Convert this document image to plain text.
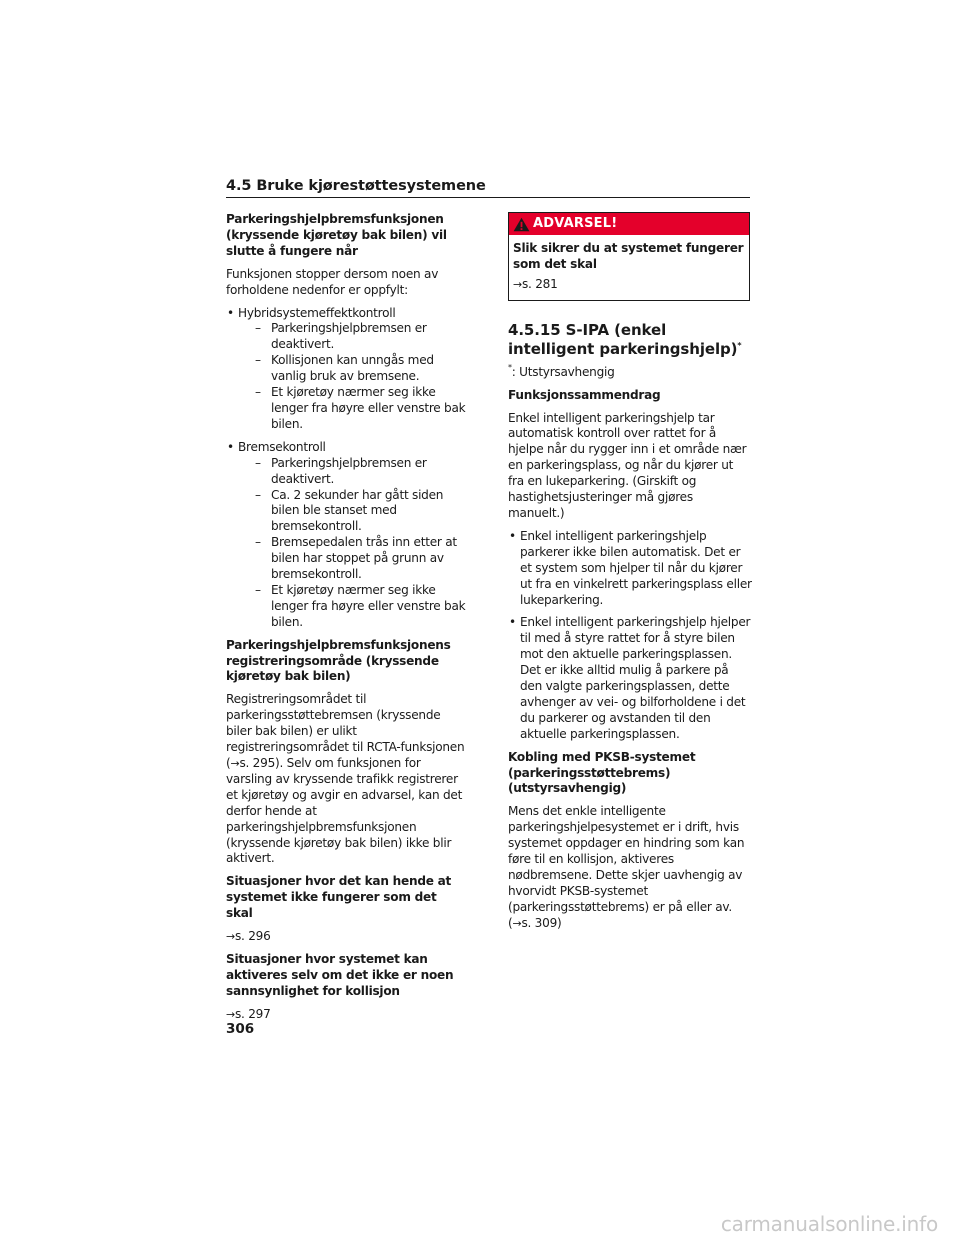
4.5 Bruke kjørestøttesystemene

Parkeringshjelpbremsfunksjonen (kryssende kjøretøy bak bilen) vil slutte å fungere når

Funksjonen stopper dersom noen av forholdene nedenfor er oppfylt:

• Hybridsystemeffektkontroll
– Parkeringshjelpbremsen er deaktivert.
– Kollisjonen kan unngås med vanlig bruk av bremsene.
– Et kjøretøy nærmer seg ikke lenger fra høyre eller venstre bak bilen.
• Bremsekontroll
– Parkeringshjelpbremsen er deaktivert.
– Ca. 2 sekunder har gått siden bilen ble stanset med bremsekontroll.
– Bremsepedalen trås inn etter at bilen har stoppet på grunn av bremsekontroll.
– Et kjøretøy nærmer seg ikke lenger fra høyre eller venstre bak bilen.

Parkeringshjelpbremsfunksjonens registreringsområde (kryssende kjøretøy bak bilen)

Registreringsområdet til parkeringsstøttebremsen (kryssende biler bak bilen) er ulikt registreringsområdet til RCTA-funksjonen (→s. 295). Selv om funksjonen for varsling av kryssende trafikk registrerer et kjøretøy og avgir en advarsel, kan det derfor hende at parkeringshjelpbremsfunksjonen (kryssende kjøretøy bak bilen) ikke blir aktivert.

Situasjoner hvor det kan hende at systemet ikke fungerer som det skal

→s. 296

Situasjoner hvor systemet kan aktiveres selv om det ikke er noen sannsynlighet for kollisjon

→s. 297

ADVARSEL!

Slik sikrer du at systemet fungerer som det skal

→s. 281

4.5.15 S-IPA (enkel intelligent parkeringshjelp)*

*: Utstyrsavhengig

Funksjonssammendrag

Enkel intelligent parkeringshjelp tar automatisk kontroll over rattet for å hjelpe når du rygger inn i et område nær en parkeringsplass, og når du kjører ut fra en lukeparkering. (Girskift og hastighetsjusteringer må gjøres manuelt.)

• Enkel intelligent parkeringshjelp parkerer ikke bilen automatisk. Det er et system som hjelper til når du kjører ut fra en vinkelrett parkeringsplass eller lukeparkering.
• Enkel intelligent parkeringshjelp hjelper til med å styre rattet for å styre bilen mot den aktuelle parkeringsplassen. Det er ikke alltid mulig å parkere på den valgte parkeringsplassen, dette avhenger av vei- og bilforholdene i det du parkerer og avstanden til den aktuelle parkeringsplassen.

Kobling med PKSB-systemet (parkeringsstøttebrems) (utstyrsavhengig)

Mens det enkle intelligente parkeringshjelpesystemet er i drift, hvis systemet oppdager en hindring som kan føre til en kollisjon, aktiveres nødbremsene. Dette skjer uavhengig av hvorvidt PKSB-systemet (parkeringsstøttebrems) er på eller av. (→s. 309)

306
carmanualsonline.info
